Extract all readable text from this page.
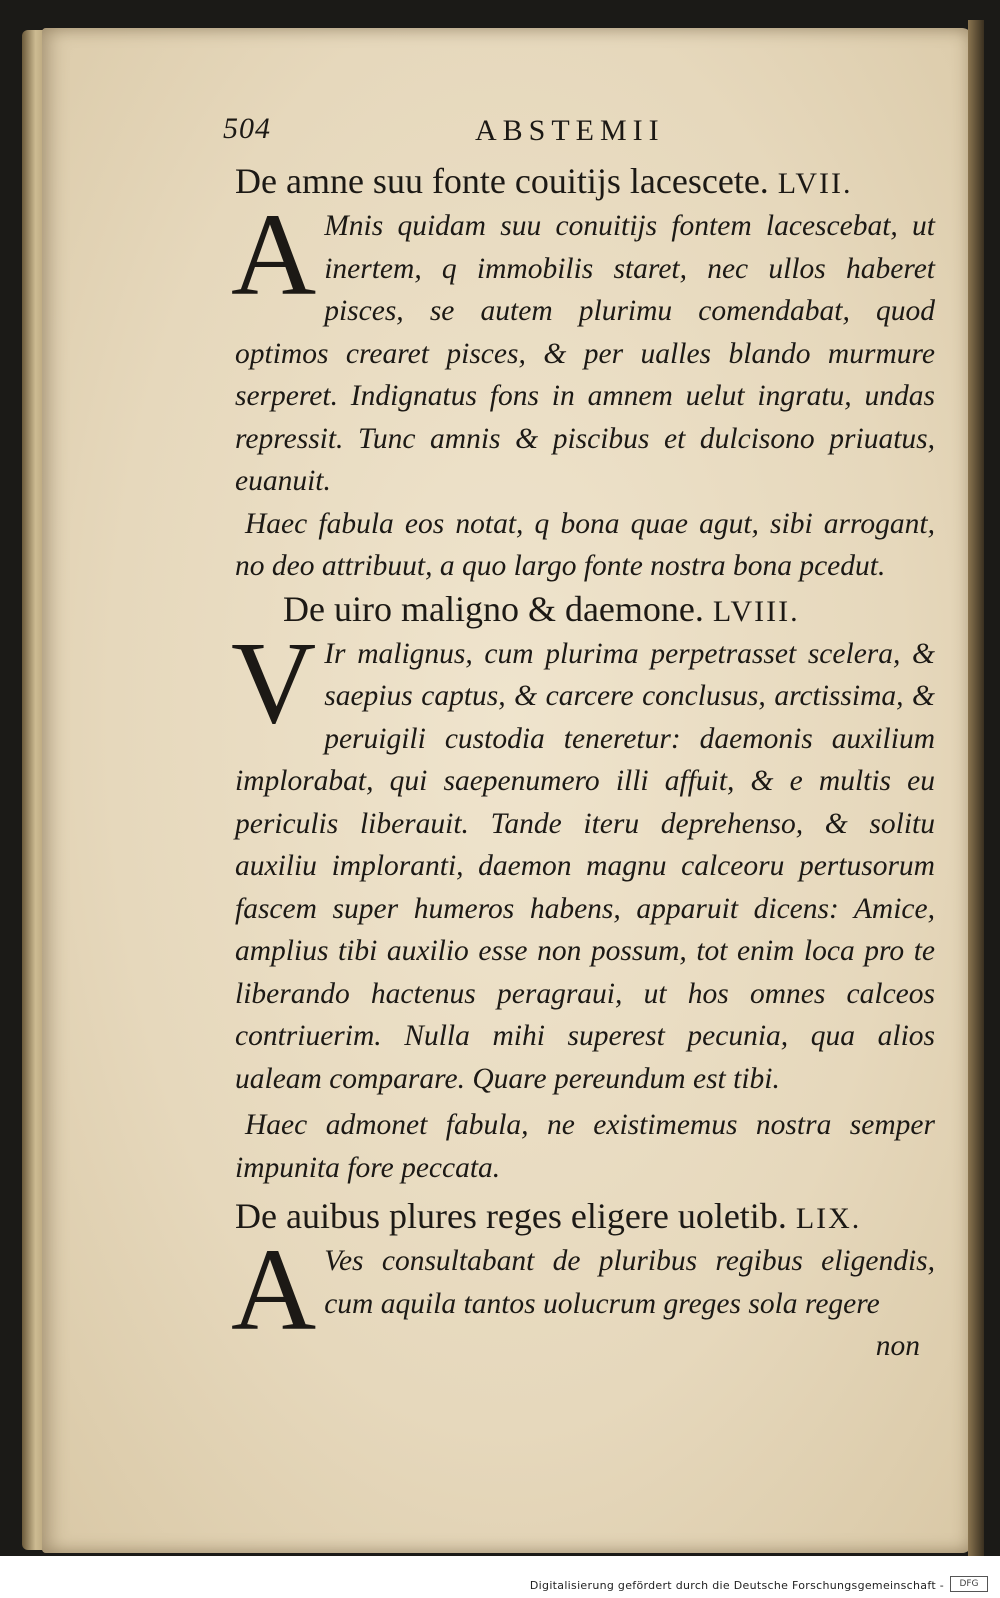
504	ABSTEMII

De amne suu fonte couitijs lacescete. LVII.

A Mnis quidam suu conuitijs fontem lacescebat, ut inertem, q immobilis staret, nec ullos haberet pisces, se autem plurimu comendabat, quod optimos crearet pisces, & per ualles blando murmure serperet. Indignatus fons in amnem uelut ingratu, undas repressit. Tunc amnis & piscibus et dulcisono priuatus, euanuit.

Haec fabula eos notat, q bona quae agut, sibi arrogant, no deo attribuut, a quo largo fonte nostra bona pcedut.

De uiro maligno & daemone. LVIII.

V Ir malignus, cum plurima perpetrasset scelera, & saepius captus, & carcere conclusus, arctissima, & peruigili custodia teneretur: daemonis auxilium implorabat, qui saepenumero illi affuit, & e multis eu periculis liberauit. Tande iteru deprehenso, & solitu auxiliu imploranti, daemon magnu calceoru pertusorum fascem super humeros habens, apparuit dicens: Amice, amplius tibi auxilio esse non possum, tot enim loca pro te liberando hactenus peragraui, ut hos omnes calceos contriuerim. Nulla mihi superest pecunia, qua alios ualeam comparare. Quare pereundum est tibi.

Haec admonet fabula, ne existimemus nostra semper impunita fore peccata.

De auibus plures reges eligere uoletib. LIX.

A Ves consultabant de pluribus regibus eligendis, cum aquila tantos uolucrum greges sola regere

non

Digitalisierung gefördert durch die Deutsche Forschungsgemeinschaft -	DFG
